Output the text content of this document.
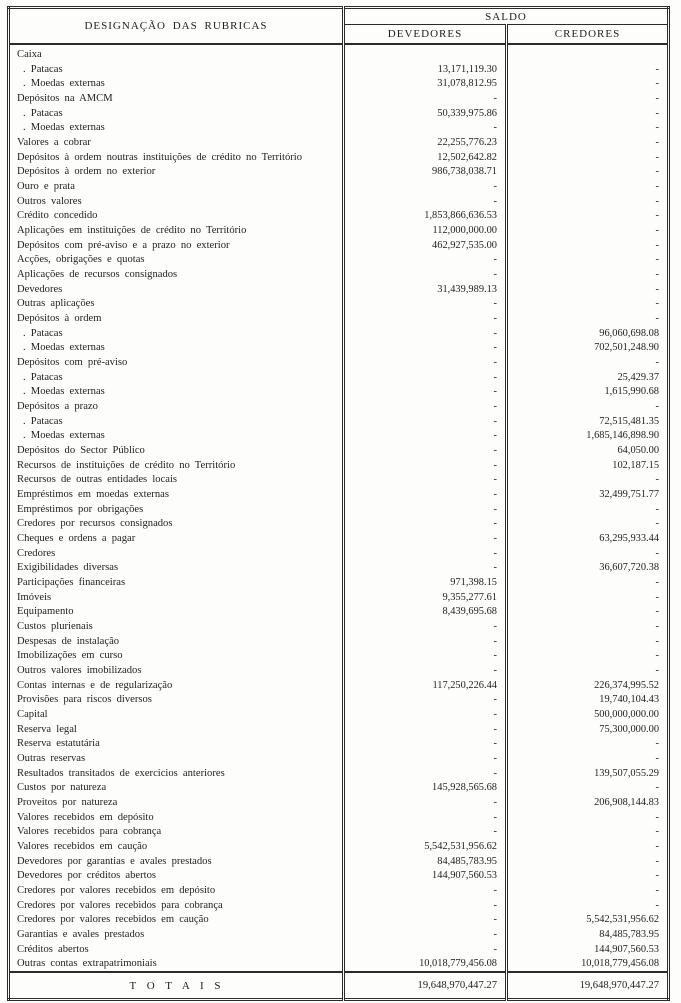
DESIGNAÇÃO DAS RUBRICAS	SALDO	
	DEVEDORES	CREDORES
Caixa		
. Patacas	13,171,119.30	-
. Moedas externas	31,078,812.95	-
Depósitos na AMCM	-	-
. Patacas	50,339,975.86	-
. Moedas externas	-	-
Valores a cobrar	22,255,776.23	-
Depósitos à ordem noutras instituições de crédito no Território	12,502,642.82	-
Depósitos à ordem no exterior	986,738,038.71	-
Ouro e prata	-	-
Outros valores	-	-
Crédito concedido	1,853,866,636.53	-
Aplicações em instituições de crédito no Território	112,000,000.00	-
Depósitos com pré-aviso e a prazo no exterior	462,927,535.00	-
Acções, obrigações e quotas	-	-
Aplicações de recursos consignados	-	-
Devedores	31,439,989.13	-
Outras aplicações	-	-
Depósitos à ordem	-	-
. Patacas	-	96,060,698.08
. Moedas externas	-	702,501,248.90
Depósitos com pré-aviso	-	-
. Patacas	-	25,429.37
. Moedas externas	-	1,615,990.68
Depósitos a prazo	-	-
. Patacas	-	72,515,481.35
. Moedas externas	-	1,685,146,898.90
Depósitos do Sector Público	-	64,050.00
Recursos de instituições de crédito no Território	-	102,187.15
Recursos de outras entidades locais	-	-
Empréstimos em moedas externas	-	32,499,751.77
Empréstimos por obrigações	-	-
Credores por recursos consignados	-	-
Cheques e ordens a pagar	-	63,295,933.44
Credores	-	-
Exigibilidades diversas	-	36,607,720.38
Participações financeiras	971,398.15	-
Imóveis	9,355,277.61	-
Equipamento	8,439,695.68	-
Custos plurienais	-	-
Despesas de instalação	-	-
Imobilizações em curso	-	-
Outros valores imobilizados	-	-
Contas internas e de regularização	117,250,226.44	226,374,995.52
Provisões para riscos diversos	-	19,740,104.43
Capital	-	500,000,000.00
Reserva legal	-	75,300,000.00
Reserva estatutária	-	-
Outras reservas	-	-
Resultados transitados de exercicios anteriores	-	139,507,055.29
Custos por natureza	145,928,565.68	-
Proveitos por natureza	-	206,908,144.83
Valores recebidos em depósito	-	-
Valores recebidos para cobrança	-	-
Valores recebidos em caução	5,542,531,956.62	-
Devedores por garantias e avales prestados	84,485,783.95	-
Devedores por créditos abertos	144,907,560.53	-
Credores por valores recebidos em depósito	-	-
Credores por valores recebidos para cobrança	-	-
Credores por valores recebidos em caução	-	5,542,531,956.62
Garantias e avales prestados	-	84,485,783.95
Créditos abertos	-	144,907,560.53
Outras contas extrapatrimoniais	10,018,779,456.08	10,018,779,456.08
T O T A I S	19,648,970,447.27	19,648,970,447.27
